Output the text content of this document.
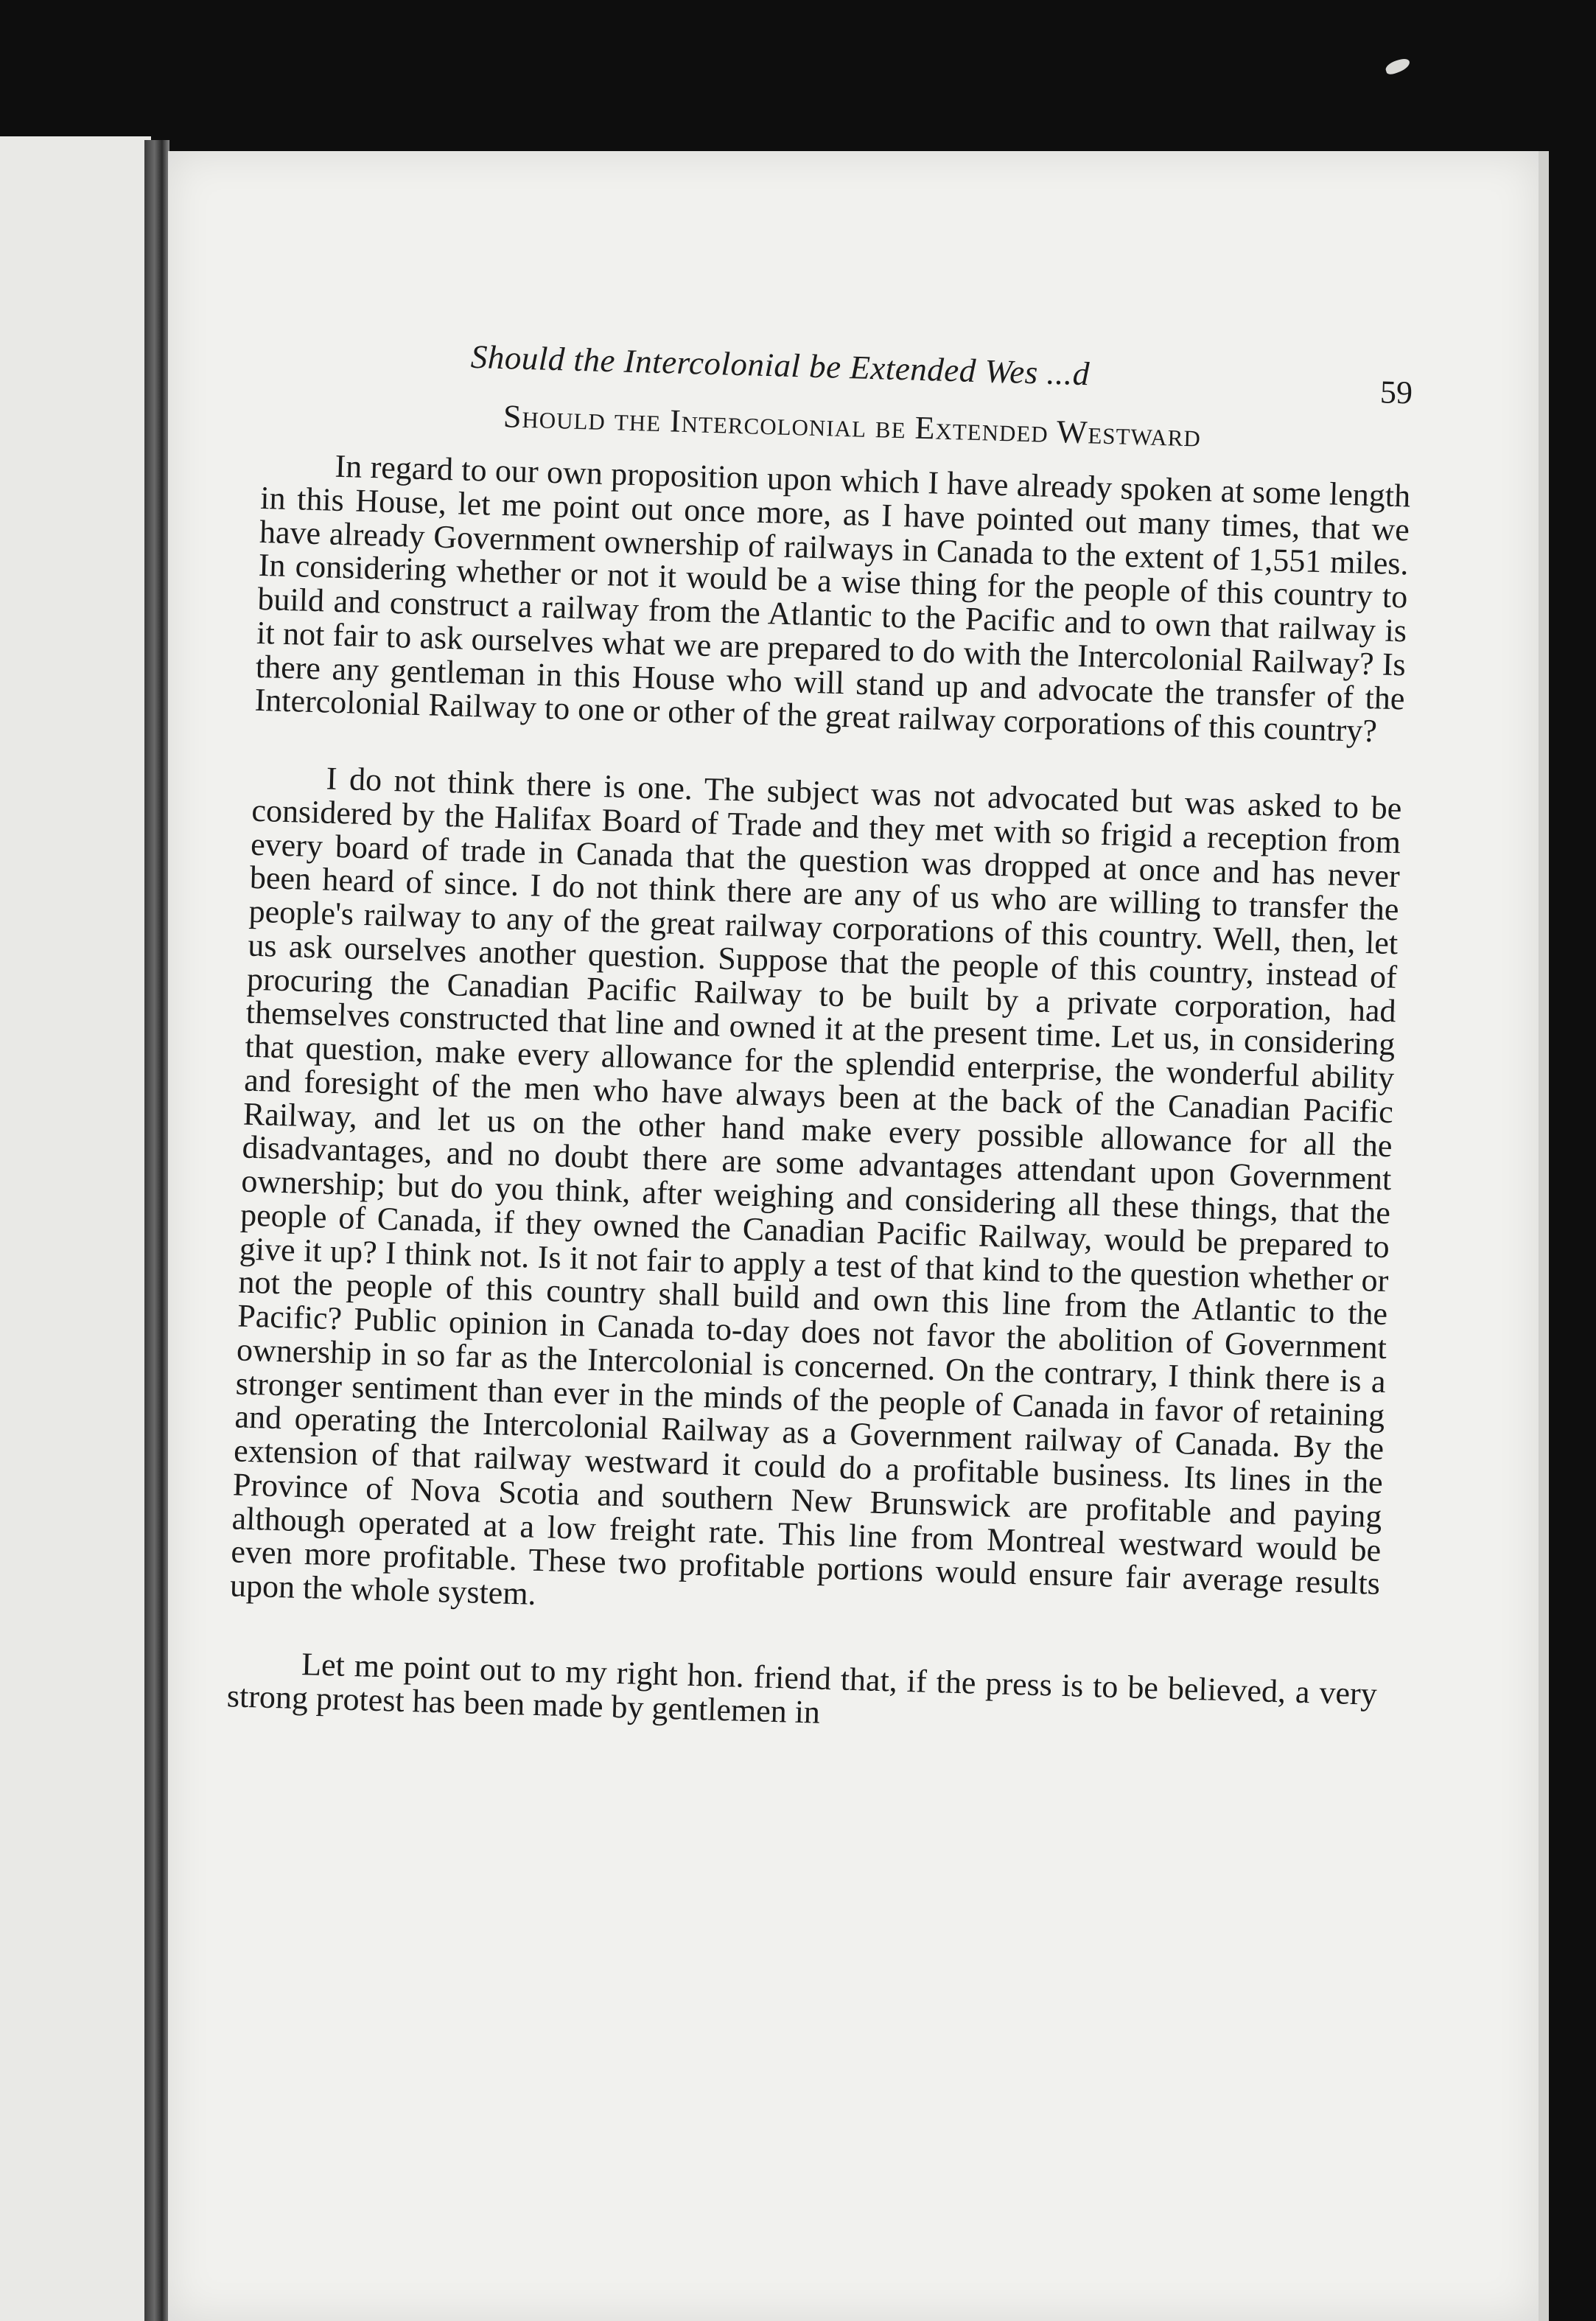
Should the Intercolonial be Extended Wes ...d
59
Should the Intercolonial be Extended Westward

In regard to our own proposition upon which I have already spoken at some length in this House, let me point out once more, as I have pointed out many times, that we have already Government ownership of railways in Canada to the extent of 1,551 miles. In considering whether or not it would be a wise thing for the people of this country to build and construct a railway from the Atlantic to the Pacific and to own that railway is it not fair to ask ourselves what we are prepared to do with the Intercolonial Railway? Is there any gentleman in this House who will stand up and advocate the transfer of the Intercolonial Railway to one or other of the great railway corporations of this country?

I do not think there is one. The subject was not advocated but was asked to be considered by the Halifax Board of Trade and they met with so frigid a reception from every board of trade in Canada that the question was dropped at once and has never been heard of since. I do not think there are any of us who are willing to transfer the people's railway to any of the great railway corporations of this country. Well, then, let us ask ourselves another question. Suppose that the people of this country, instead of procuring the Canadian Pacific Railway to be built by a private corporation, had themselves constructed that line and owned it at the present time. Let us, in considering that question, make every allowance for the splendid enterprise, the wonderful ability and foresight of the men who have always been at the back of the Canadian Pacific Railway, and let us on the other hand make every possible allowance for all the disadvantages, and no doubt there are some advantages attendant upon Government ownership; but do you think, after weighing and considering all these things, that the people of Canada, if they owned the Canadian Pacific Railway, would be prepared to give it up? I think not. Is it not fair to apply a test of that kind to the question whether or not the people of this country shall build and own this line from the Atlantic to the Pacific? Public opinion in Canada to-day does not favor the abolition of Government ownership in so far as the Intercolonial is concerned. On the contrary, I think there is a stronger sentiment than ever in the minds of the people of Canada in favor of retaining and operating the Intercolonial Railway as a Government railway of Canada. By the extension of that railway westward it could do a profitable business. Its lines in the Province of Nova Scotia and southern New Brunswick are profitable and paying although operated at a low freight rate. This line from Montreal westward would be even more profitable. These two profitable portions would ensure fair average results upon the whole system.

Let me point out to my right hon. friend that, if the press is to be believed, a very strong protest has been made by gentlemen in
